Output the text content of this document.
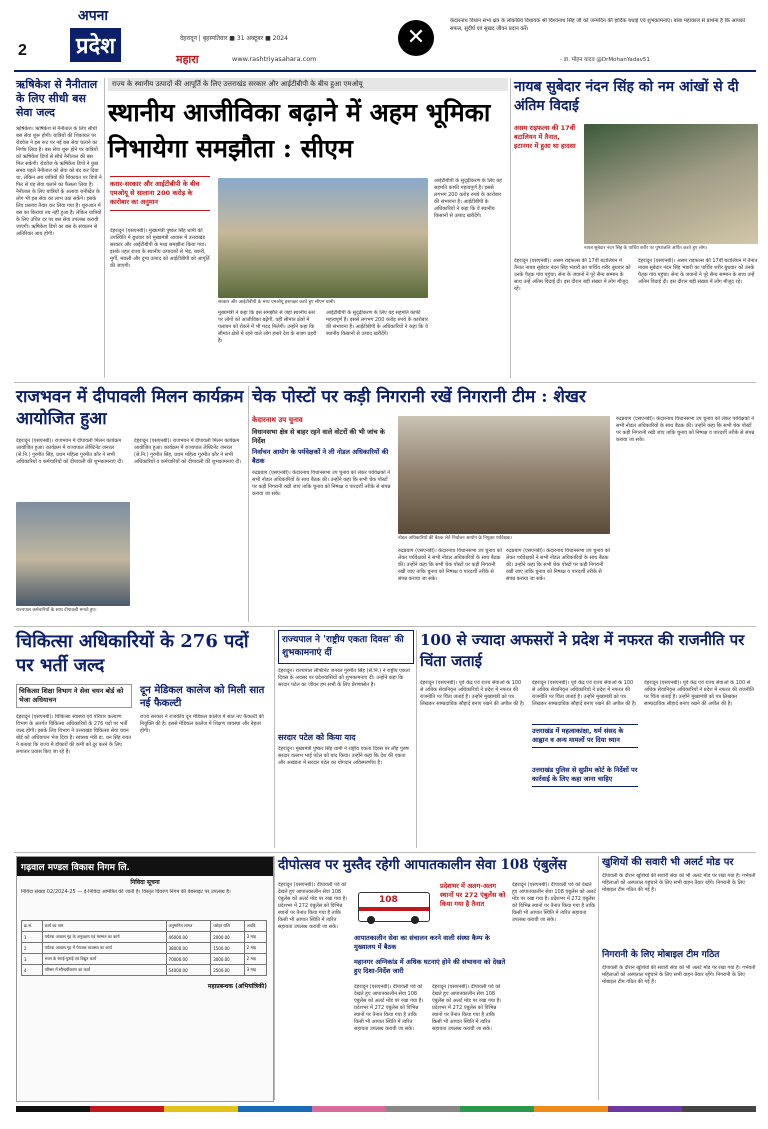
2
अपना
प्रदेश	देहरादून | बृहस्पतिवार ■ 31 अक्टूबर ■ 2024
महारा	www.rashtriyasahara.com
✕
केदारनाथ विधान सभा क्षेत्र के लोकप्रिय विधायक श्री विश्वनाथ सिंह जी को जन्मदिन की हार्दिक बधाई एवं शुभकामनाएं। बाबा महाकाल से प्रार्थना है कि आपको सफल, सुदीर्घ एवं सुखद जीवन प्रदान करें।
- डा. मोहन यादव @DrMohanYadav51
ऋषिकेश से नैनीताल के लिए सीधी बस सेवा जल्द
ऋषिकेश। ऋषिकेश से नैनीताल के लिए सीधी बस सेवा शुरू होगी। यात्रियों की शिकायत पर रोडवेज ने इस रूट पर नई बस सेवा चलाने का निर्णय लिया है। बस सेवा शुरू होने पर यात्रियों को ऋषिकेश डिपो से सीधे नैनीताल की बस मिल सकेगी। रोडवेज के ऋषिकेश डिपो ने कुछ समय पहले नैनीताल को सेवा को बंद कर दिया था, लेकिन अब यात्रियों की शिकायत पर डिपो ने फिर से यह सेवा चलाने का फैसला लिया है। नैनीताल के लिए यात्रियों के अलावा रानीखेत के लोग भी इस सेवा का लाभ उठा सकेंगे। इसके लिए प्रस्ताव तैयार कर लिया गया है। शुरुआत में बस का किराया तय नहीं हुआ है। लेकिन यात्रियों के लिए उचित दर पर बस सेवा उपलब्ध करायी जाएगी। ऋषिकेश डिपो का बस के संचालन से अतिरिक्त आय होगी।
राज्य के स्थानीय उत्पादों की आपूर्ति के लिए उत्तराखंड सरकार और आईटीबीपी के बीच हुआ एमओयू
स्थानीय आजीविका बढ़ाने में अहम भूमिका निभायेगा समझौता : सीएम
करार-सरकार और आईटीबीपी के बीच एमओयू से सालाना 200 करोड़ के कारोबार का अनुमान
देहरादून (एसएनबी)। मुख्यमंत्री पुष्कर सिंह धामी की उपस्थिति में बुधवार को मुख्यमंत्री आवास में उत्तराखंड सरकार और आईटीबीपी के मध्य समझौता किया गया। इसके तहत राज्य के स्थानीय उत्पादकों से भेड़, बकरी, मुर्गी, मछली और दुग्ध उत्पाद को आईटीबीपी को आपूर्ति की जाएगी।
सरकार और आईटीबीपी के मध्य एमओयू हस्ताक्षर करते हुए सीएम धामी।
मुख्यमंत्री ने कहा कि इस समझौते से जहां स्थानीय स्तर पर लोगों को आजीविका बढ़ेगी, वहीं सीमांत क्षेत्रों में पलायन को रोकने में भी मदद मिलेगी। उन्होंने कहा कि सीमांत क्षेत्रों में रहने वाले लोग हमारे देश के सजग प्रहरी हैं।
आईटीबीपी के सुदृढ़ीकरण के लिए यह सहमति काफी महत्वपूर्ण है। इससे लगभग 200 करोड़ रुपये के कारोबार की संभावना है। आईटीबीपी के अधिकारियों ने कहा कि वे स्थानीय किसानों से उत्पाद खरीदेंगे।
आईटीबीपी के सुदृढ़ीकरण के लिए यह सहमति काफी महत्वपूर्ण है। इससे लगभग 200 करोड़ रुपये के कारोबार की संभावना है। आईटीबीपी के अधिकारियों ने कहा कि वे स्थानीय किसानों से उत्पाद खरीदेंगे।
नायब सुबेदार नंदन सिंह को नम आंखों से दी अंतिम विदाई
असम राइफल्स की 17वीं बटालियन में तैनात, इटानगर में हुआ था हादसा
नायब सुबेदार नंदन सिंह के पार्थिव शरीर पर पुष्पांजलि अर्पित करते हुए लोग।
देहरादून (एसएनबी)। असम राइफल्स की 17वीं बटालियन में तैनात नायब सूबेदार नंदन सिंह भंडारी का पार्थिव शरीर बुधवार को उनके पैतृक गांव पहुंचा। सेना के जवानों ने पूरे सैन्य सम्मान के साथ उन्हें अंतिम विदाई दी। इस दौरान बड़ी संख्या में लोग मौजूद रहे।
देहरादून (एसएनबी)। असम राइफल्स की 17वीं बटालियन में तैनात नायब सूबेदार नंदन सिंह भंडारी का पार्थिव शरीर बुधवार को उनके पैतृक गांव पहुंचा। सेना के जवानों ने पूरे सैन्य सम्मान के साथ उन्हें अंतिम विदाई दी। इस दौरान बड़ी संख्या में लोग मौजूद रहे।
राजभवन में दीपावली मिलन कार्यक्रम आयोजित हुआ
देहरादून (एसएनबी)। राजभवन में दीपावली मिलन कार्यक्रम आयोजित हुआ। कार्यक्रम में राज्यपाल लेफ्टिनेंट जनरल (से.नि.) गुरमीत सिंह, प्रथम महिला गुरमीत कौर ने सभी अधिकारियों व कर्मचारियों को दीपावली की शुभकामनाएं दीं।
देहरादून (एसएनबी)। राजभवन में दीपावली मिलन कार्यक्रम आयोजित हुआ। कार्यक्रम में राज्यपाल लेफ्टिनेंट जनरल (से.नि.) गुरमीत सिंह, प्रथम महिला गुरमीत कौर ने सभी अधिकारियों व कर्मचारियों को दीपावली की शुभकामनाएं दीं।
राज्यपाल कर्मचारियों के साथ दीपावली मनाते हुए।
चेक पोस्टों पर कड़ी निगरानी रखें निगरानी टीम : शेखर
केदारनाथ उप चुनाव
विधानसभा क्षेत्र से बाहर रहने वाले वोटरों की भी जांच के निर्देश
निर्वाचन आयोग के पर्यवेक्षकों ने ली नोडल अधिकारियों की बैठक
रुद्रप्रयाग (एसएनबी)। केदारनाथ विधानसभा उप चुनाव को लेकर पर्यवेक्षकों ने सभी नोडल अधिकारियों के साथ बैठक की। उन्होंने कहा कि सभी चेक पोस्टों पर कड़ी निगरानी रखी जाए ताकि चुनाव को निष्पक्ष व पारदर्शी तरीके से संपन्न कराया जा सके।
नोडल अधिकारियों की बैठक लेते निर्वाचन आयोग के नियुक्त पर्यवेक्षक।
रुद्रप्रयाग (एसएनबी)। केदारनाथ विधानसभा उप चुनाव को लेकर पर्यवेक्षकों ने सभी नोडल अधिकारियों के साथ बैठक की। उन्होंने कहा कि सभी चेक पोस्टों पर कड़ी निगरानी रखी जाए ताकि चुनाव को निष्पक्ष व पारदर्शी तरीके से संपन्न कराया जा सके।
रुद्रप्रयाग (एसएनबी)। केदारनाथ विधानसभा उप चुनाव को लेकर पर्यवेक्षकों ने सभी नोडल अधिकारियों के साथ बैठक की। उन्होंने कहा कि सभी चेक पोस्टों पर कड़ी निगरानी रखी जाए ताकि चुनाव को निष्पक्ष व पारदर्शी तरीके से संपन्न कराया जा सके।
रुद्रप्रयाग (एसएनबी)। केदारनाथ विधानसभा उप चुनाव को लेकर पर्यवेक्षकों ने सभी नोडल अधिकारियों के साथ बैठक की। उन्होंने कहा कि सभी चेक पोस्टों पर कड़ी निगरानी रखी जाए ताकि चुनाव को निष्पक्ष व पारदर्शी तरीके से संपन्न कराया जा सके।
चिकित्सा अधिकारियों के 276 पदों पर भर्ती जल्द
चिकित्सा शिक्षा विभाग ने सेवा चयन बोर्ड को भेजा अधियाचन
देहरादून (एसएनबी)। चिकित्सा स्वास्थ्य एवं परिवार कल्याण विभाग के अंतर्गत चिकित्सा अधिकारियों के 276 पदों पर भर्ती जल्द होगी। इसके लिए विभाग ने उत्तराखंड चिकित्सा सेवा चयन बोर्ड को अधियाचन भेज दिया है। स्वास्थ्य मंत्री डा. धन सिंह रावत ने बताया कि राज्य में डॉक्टरों की कमी को दूर करने के लिए लगातार प्रयास किए जा रहे हैं।
दून मेडिकल कालेज को मिली सात नई फैकल्टी
राज्य सरकार ने राजकीय दून मेडिकल कालेज में सात नए फैकल्टी की नियुक्ति की है। इससे मेडिकल कालेज में शिक्षण व्यवस्था और बेहतर होगी।
राज्यपाल ने 'राष्ट्रीय एकता दिवस' की शुभकामनाएं दीं
देहरादून। राज्यपाल लेफ्टिनेंट जनरल गुरमीत सिंह (से.नि.) ने राष्ट्रीय एकता दिवस के अवसर पर प्रदेशवासियों को शुभकामनाएं दीं। उन्होंने कहा कि सरदार पटेल का जीवन हम सभी के लिए प्रेरणास्रोत है।
सरदार पटेल को किया याद
देहरादून। मुख्यमंत्री पुष्कर सिंह धामी ने राष्ट्रीय एकता दिवस पर लौह पुरुष सरदार वल्लभ भाई पटेल को याद किया। उन्होंने कहा कि देश की एकता और अखंडता में सरदार पटेल का योगदान अविस्मरणीय है।
100 से ज्यादा अफसरों ने प्रदेश में नफरत की राजनीति पर चिंता जताई
देहरादून (एसएनबी)। पूर्व केंद्र एवं राज्य सेवाओं के 100 से अधिक सेवानिवृत्त अधिकारियों ने प्रदेश में नफरत की राजनीति पर चिंता जताई है। उन्होंने मुख्यमंत्री को पत्र लिखकर साम्प्रदायिक सौहार्द बनाए रखने की अपील की है।
उत्तराखंड में महत्वाकांक्षा, धर्म संसद के आह्वान व अन्य मामलों पर दिया ध्यान
उत्तराखंड पुलिस से सुप्रीम कोर्ट के निर्देशों पर कार्रवाई के लिए कहा जाना चाहिए
देहरादून (एसएनबी)। पूर्व केंद्र एवं राज्य सेवाओं के 100 से अधिक सेवानिवृत्त अधिकारियों ने प्रदेश में नफरत की राजनीति पर चिंता जताई है। उन्होंने मुख्यमंत्री को पत्र लिखकर साम्प्रदायिक सौहार्द बनाए रखने की अपील की है।
देहरादून (एसएनबी)। पूर्व केंद्र एवं राज्य सेवाओं के 100 से अधिक सेवानिवृत्त अधिकारियों ने प्रदेश में नफरत की राजनीति पर चिंता जताई है। उन्होंने मुख्यमंत्री को पत्र लिखकर साम्प्रदायिक सौहार्द बनाए रखने की अपील की है।
गढ़वाल मण्डल विकास निगम लि.
निविदा सूचना
निविदा संख्या 02/2024-25 — ई-निविदा आमंत्रित की जाती है। विस्तृत विवरण निगम की वेबसाइट पर उपलब्ध है।
क्र.सं.	कार्य का नाम	अनुमानित लागत	धरोहर राशि	अवधि
1	पर्यटक आवास गृह के अनुरक्षण एवं मरम्मत का कार्य	46000.00	2000.00	3 माह
2	पर्यटक आवास गृह में पेयजल व्यवस्था का कार्य	38000.00	1500.00	2 माह
3	भवन के रंगाई-पुताई एवं विद्युत कार्य	70000.00	3000.00	2 माह
4	परिसर में सौन्दर्यीकरण का कार्य	54000.00	2500.00	3 माह
महाप्रबन्धक (अभियांत्रिकी)
दीपोत्सव पर मुस्तैद रहेगी आपातकालीन सेवा 108 एंबुलेंस
देहरादून (एसएनबी)। दीपावली पर्व को देखते हुए आपातकालीन सेवा 108 एंबुलेंस को अलर्ट मोड पर रखा गया है। प्रदेशभर में 272 एंबुलेंस को विभिन्न स्थानों पर तैनात किया गया है ताकि किसी भी आपात स्थिति में त्वरित सहायता उपलब्ध करायी जा सके।
108
प्रदेशभर में अलग-अलग स्थानों पर 272 एंबुलेंस को किया गया है तैनात
आपातकालीन सेवा का संचालन करने वाली संस्था कैम्प के मुख्यालय में बैठक
महानगर अग्निकांड में अधिक घटनाएं होने की संभावना को देखते हुए दिशा-निर्देश जारी
देहरादून (एसएनबी)। दीपावली पर्व को देखते हुए आपातकालीन सेवा 108 एंबुलेंस को अलर्ट मोड पर रखा गया है। प्रदेशभर में 272 एंबुलेंस को विभिन्न स्थानों पर तैनात किया गया है ताकि किसी भी आपात स्थिति में त्वरित सहायता उपलब्ध करायी जा सके।
देहरादून (एसएनबी)। दीपावली पर्व को देखते हुए आपातकालीन सेवा 108 एंबुलेंस को अलर्ट मोड पर रखा गया है। प्रदेशभर में 272 एंबुलेंस को विभिन्न स्थानों पर तैनात किया गया है ताकि किसी भी आपात स्थिति में त्वरित सहायता उपलब्ध करायी जा सके।
देहरादून (एसएनबी)। दीपावली पर्व को देखते हुए आपातकालीन सेवा 108 एंबुलेंस को अलर्ट मोड पर रखा गया है। प्रदेशभर में 272 एंबुलेंस को विभिन्न स्थानों पर तैनात किया गया है ताकि किसी भी आपात स्थिति में त्वरित सहायता उपलब्ध करायी जा सके।
खुशियों की सवारी भी अलर्ट मोड पर
दीपावली के दौरान खुशियों की सवारी सेवा को भी अलर्ट मोड पर रखा गया है। गर्भवती महिलाओं को अस्पताल पहुंचाने के लिए सभी वाहन तैयार रहेंगे। निगरानी के लिए मोबाइल टीम गठित की गई है।
निगरानी के लिए मोबाइल टीम गठित
दीपावली के दौरान खुशियों की सवारी सेवा को भी अलर्ट मोड पर रखा गया है। गर्भवती महिलाओं को अस्पताल पहुंचाने के लिए सभी वाहन तैयार रहेंगे। निगरानी के लिए मोबाइल टीम गठित की गई है।
